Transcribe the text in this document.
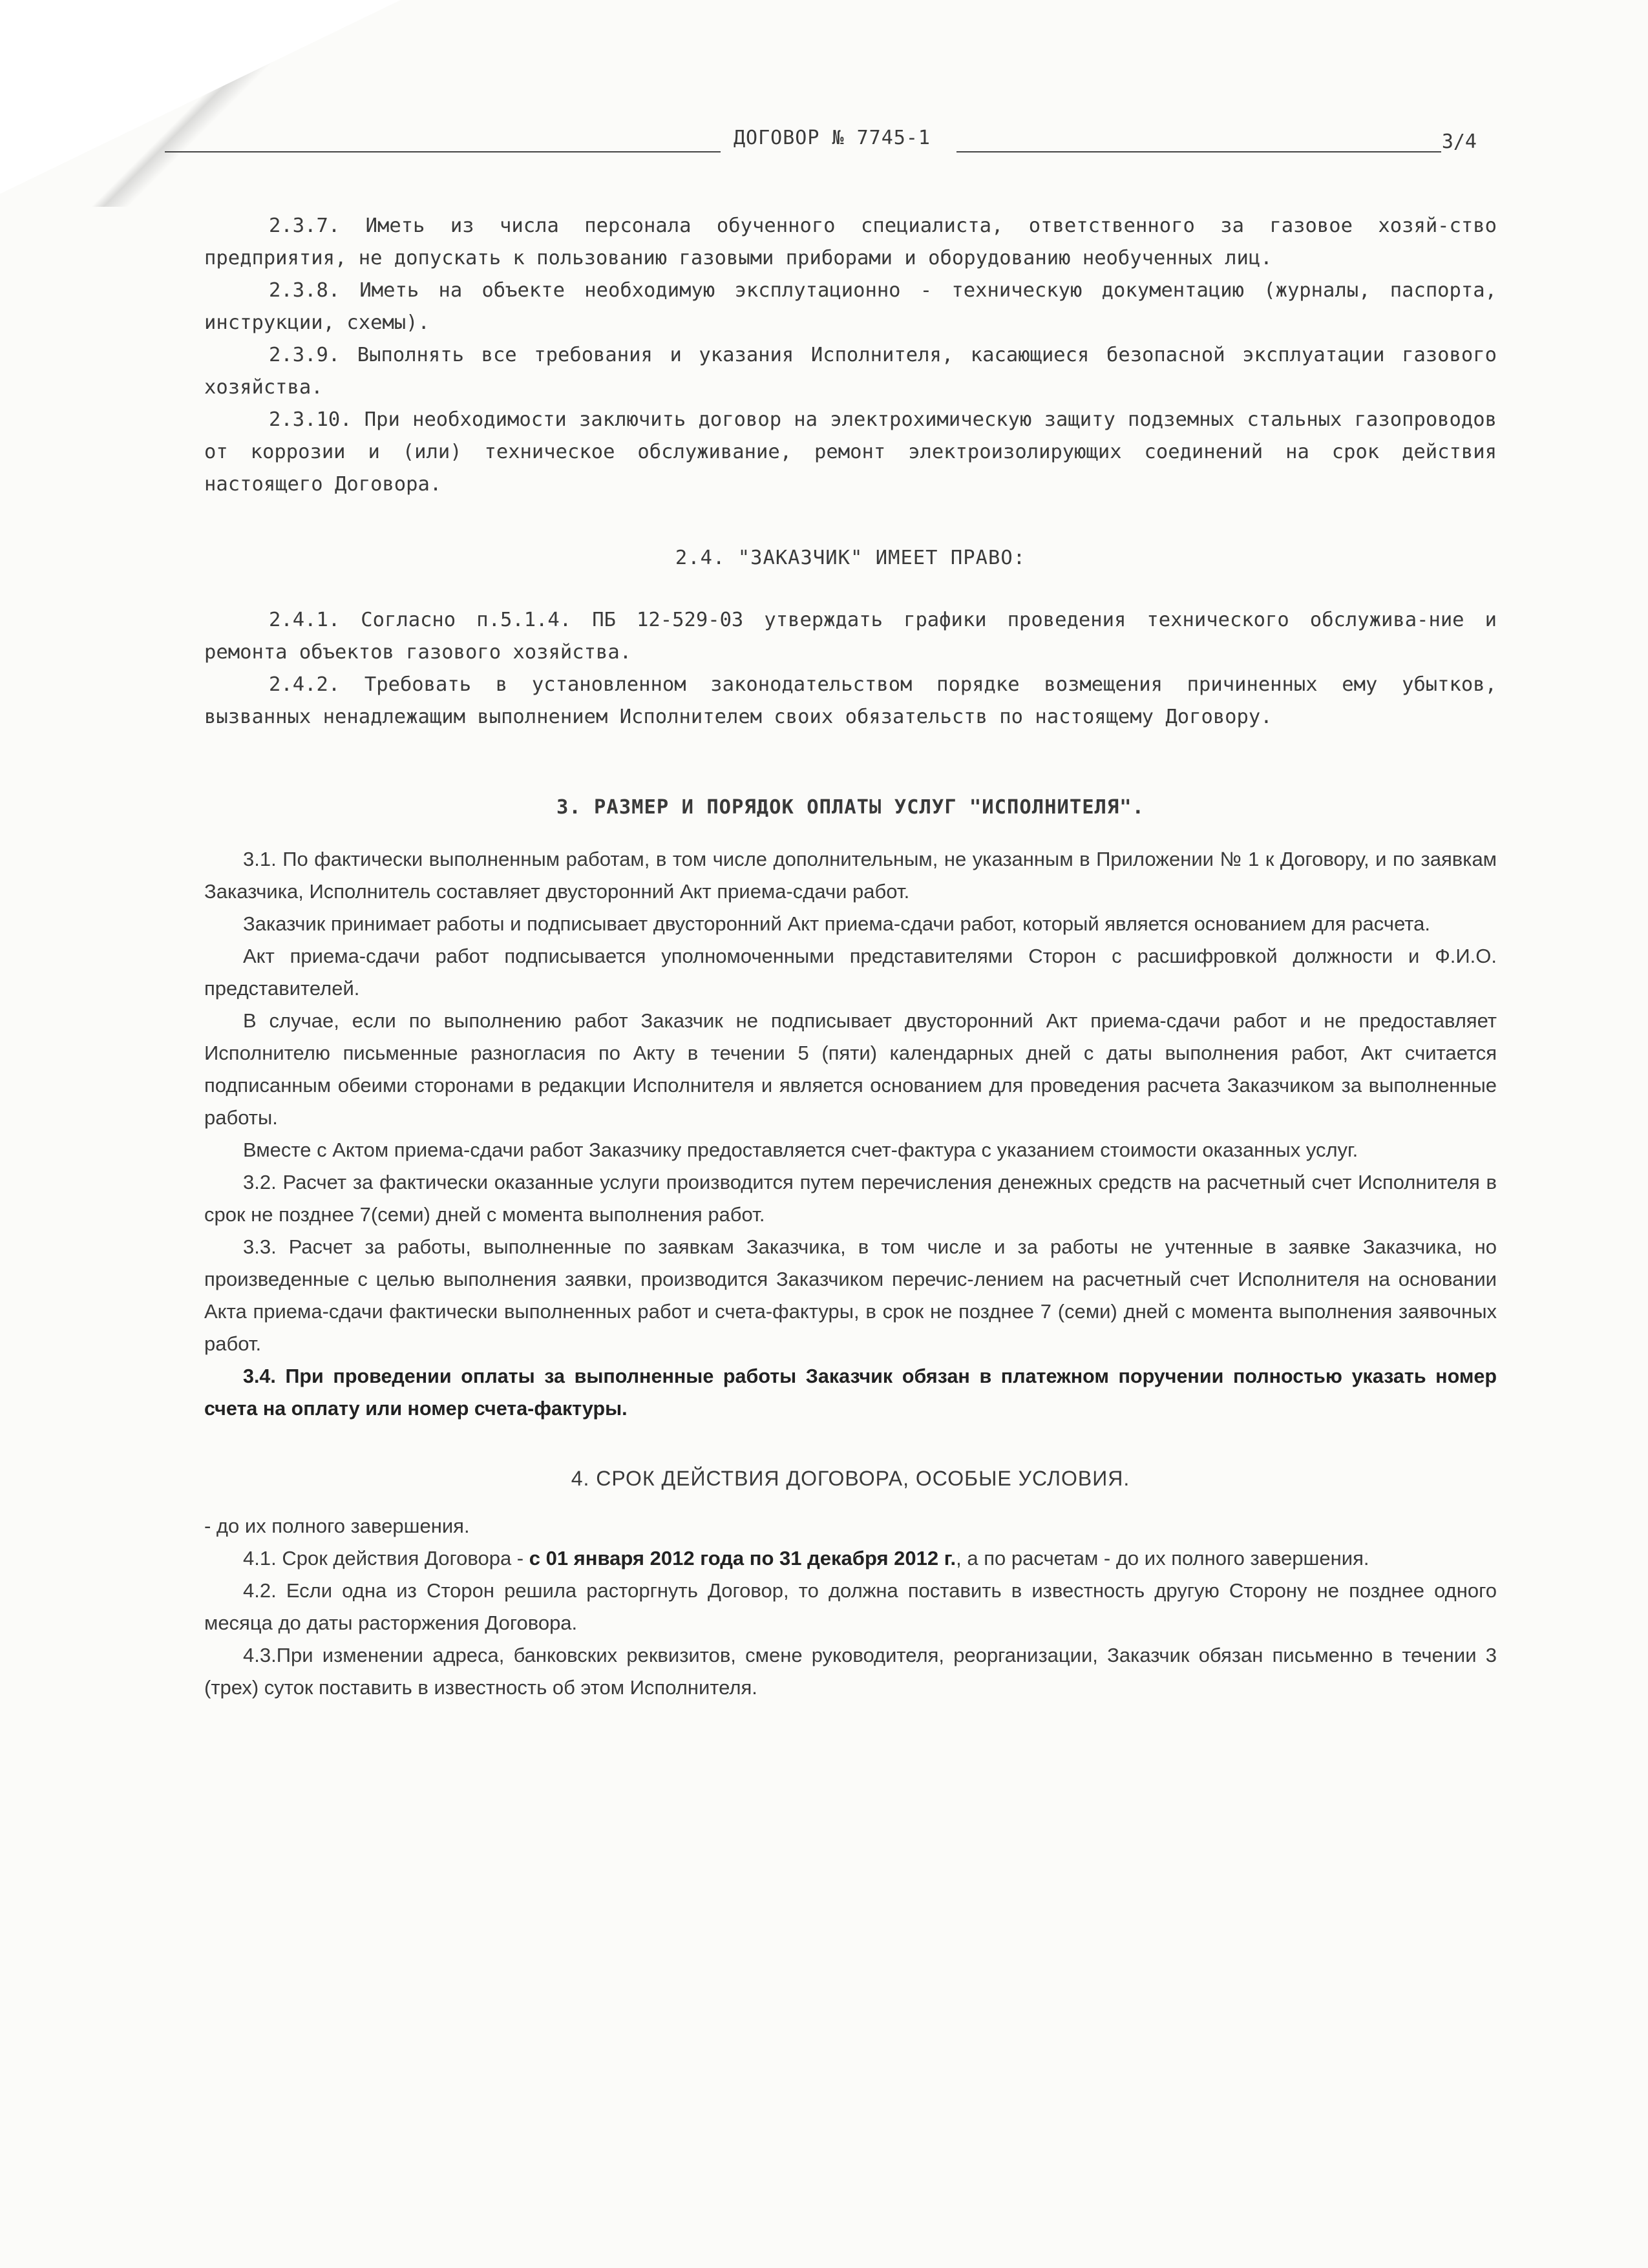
ДОГОВОР № 7745-1	3/4

2.3.7. Иметь из числа персонала обученного специалиста, ответственного за газовое хозяй-ство предприятия, не допускать к пользованию газовыми приборами и оборудованию необученных лиц.

2.3.8. Иметь на объекте необходимую эксплутационно - техническую документацию (журналы, паспорта, инструкции, схемы).

2.3.9. Выполнять все требования и указания Исполнителя, касающиеся безопасной эксплуатации газового хозяйства.

2.3.10. При необходимости заключить договор на электрохимическую защиту подземных стальных газопроводов от коррозии и (или) техническое обслуживание, ремонт электроизолирующих соединений на срок действия настоящего Договора.

2.4. "ЗАКАЗЧИК" ИМЕЕТ ПРАВО:

2.4.1. Согласно п.5.1.4. ПБ 12-529-03 утверждать графики проведения технического обслужива-ние и ремонта объектов газового хозяйства.

2.4.2. Требовать в установленном законодательством порядке возмещения причиненных ему убытков, вызванных ненадлежащим выполнением Исполнителем своих обязательств по настоящему Договору.

3. РАЗМЕР И ПОРЯДОК ОПЛАТЫ УСЛУГ "ИСПОЛНИТЕЛЯ".

3.1. По фактически выполненным работам, в том числе дополнительным, не указанным в Приложении № 1 к Договору, и по заявкам Заказчика, Исполнитель составляет двусторонний Акт приема-сдачи работ.

Заказчик принимает работы и подписывает двусторонний Акт приема-сдачи работ, который является основанием для расчета.

Акт приема-сдачи работ подписывается уполномоченными представителями Сторон с расшифровкой должности и Ф.И.О. представителей.

В случае, если по выполнению работ Заказчик не подписывает двусторонний Акт приема-сдачи работ и не предоставляет Исполнителю письменные разногласия по Акту в течении 5 (пяти) календарных дней с даты выполнения работ, Акт считается подписанным обеими сторонами в редакции Исполнителя и является основанием для проведения расчета Заказчиком за выполненные работы.

Вместе с Актом приема-сдачи работ Заказчику предоставляется счет-фактура с указанием стоимости оказанных услуг.

3.2. Расчет за фактически оказанные услуги производится путем перечисления денежных средств на расчетный счет Исполнителя в срок не позднее 7(семи) дней с момента выполнения работ.

3.3. Расчет за работы, выполненные по заявкам Заказчика, в том числе и за работы не учтенные в заявке Заказчика, но произведенные с целью выполнения заявки, производится Заказчиком перечис-лением на расчетный счет Исполнителя на основании Акта приема-сдачи фактически выполненных работ и счета-фактуры, в срок не позднее 7 (семи) дней с момента выполнения заявочных работ.

3.4. При проведении оплаты за выполненные работы Заказчик обязан в платежном поручении полностью указать номер счета на оплату или номер счета-фактуры.

4. СРОК ДЕЙСТВИЯ ДОГОВОРА, ОСОБЫЕ УСЛОВИЯ.

- до их полного завершения.

4.1. Срок действия Договора - с 01 января 2012 года по 31 декабря 2012 г., а по расчетам - до их полного завершения.

4.2. Если одна из Сторон решила расторгнуть Договор, то должна поставить в известность другую Сторону не позднее одного месяца до даты расторжения Договора.

4.3.При изменении адреса, банковских реквизитов, смене руководителя, реорганизации, Заказчик обязан письменно в течении 3 (трех) суток поставить в известность об этом Исполнителя.
